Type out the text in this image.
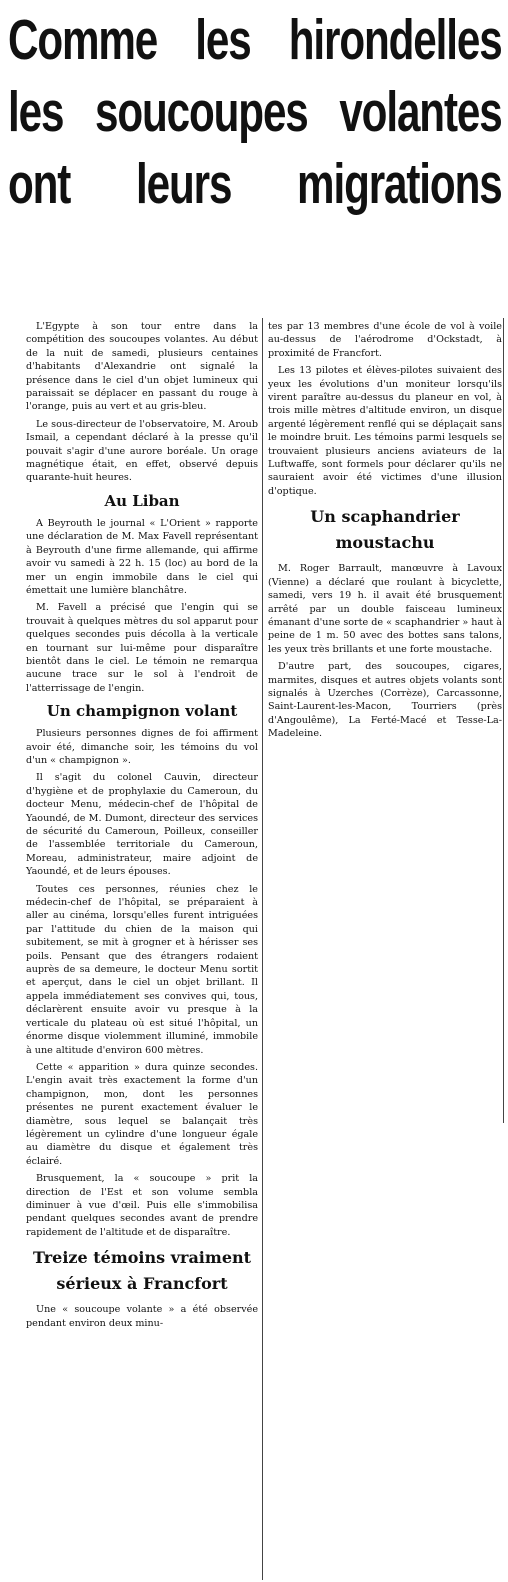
Comme les hirondelles
les soucoupes volantes
ont leurs migrations

L'Egypte à son tour entre dans la compétition des soucoupes volantes. Au début de la nuit de samedi, plusieurs centaines d'habitants d'Alexandrie ont signalé la présence dans le ciel d'un objet lumineux qui paraissait se déplacer en passant du rouge à l'orange, puis au vert et au gris-bleu.

Le sous-directeur de l'observatoire, M. Aroub Ismail, a cependant déclaré à la presse qu'il pouvait s'agir d'une aurore boréale. Un orage magnétique était, en effet, observé depuis quarante-huit heures.

Au Liban

A Beyrouth le journal « L'Orient » rapporte une déclaration de M. Max Favell représentant à Beyrouth d'une firme allemande, qui affirme avoir vu samedi à 22 h. 15 (loc) au bord de la mer un engin immobile dans le ciel qui émettait une lumière blanchâtre.

M. Favell a précisé que l'engin qui se trouvait à quelques mètres du sol apparut pour quelques secondes puis décolla à la verticale en tournant sur lui-même pour disparaître bientôt dans le ciel. Le témoin ne remarqua aucune trace sur le sol à l'endroit de l'atterrissage de l'engin.

Un champignon volant

Plusieurs personnes dignes de foi affirment avoir été, dimanche soir, les témoins du vol d'un « champignon ».

Il s'agit du colonel Cauvin, directeur d'hygiène et de prophylaxie du Cameroun, du docteur Menu, médecin-chef de l'hôpital de Yaoundé, de M. Dumont, directeur des services de sécurité du Cameroun, Poilleux, conseiller de l'assemblée territoriale du Cameroun, Moreau, administrateur, maire adjoint de Yaoundé, et de leurs épouses.

Toutes ces personnes, réunies chez le médecin-chef de l'hôpital, se préparaient à aller au cinéma, lorsqu'elles furent intriguées par l'attitude du chien de la maison qui subitement, se mit à grogner et à hérisser ses poils. Pensant que des étrangers rodaient auprès de sa demeure, le docteur Menu sortit et aperçut, dans le ciel un objet brillant. Il appela immédiatement ses convives qui, tous, déclarèrent ensuite avoir vu presque à la verticale du plateau où est situé l'hôpital, un énorme disque violemment illuminé, immobile à une altitude d'environ 600 mètres.

Cette « apparition » dura quinze secondes. L'engin avait très exactement la forme d'un champignon, mon, dont les personnes présentes ne purent exactement évaluer le diamètre, sous lequel se balançait très légèrement un cylindre d'une longueur égale au diamètre du disque et également très éclairé.

Brusquement, la « soucoupe » prit la direction de l'Est et son volume sembla diminuer à vue d'œil. Puis elle s'immobilisa pendant quelques secondes avant de prendre rapidement de l'altitude et de disparaître.

Treize témoins vraiment
sérieux à Francfort

Une « soucoupe volante » a été observée pendant environ deux minu-

tes par 13 membres d'une école de vol à voile au-dessus de l'aérodrome d'Ockstadt, à proximité de Francfort.

Les 13 pilotes et élèves-pilotes suivaient des yeux les évolutions d'un moniteur lorsqu'ils virent paraître au-dessus du planeur en vol, à trois mille mètres d'altitude environ, un disque argenté légèrement renflé qui se déplaçait sans le moindre bruit. Les témoins parmi lesquels se trouvaient plusieurs anciens aviateurs de la Luftwaffe, sont formels pour déclarer qu'ils ne sauraient avoir été victimes d'une illusion d'optique.

Un scaphandrier
moustachu

M. Roger Barrault, manœuvre à Lavoux (Vienne) a déclaré que roulant à bicyclette, samedi, vers 19 h. il avait été brusquement arrêté par un double faisceau lumineux émanant d'une sorte de « scaphandrier » haut à peine de 1 m. 50 avec des bottes sans talons, les yeux très brillants et une forte moustache.

D'autre part, des soucoupes, cigares, marmites, disques et autres objets volants sont signalés à Uzerches (Corrèze), Carcassonne, Saint-Laurent-les-Macon, Tourriers (près d'Angoulême), La Ferté-Macé et Tesse-La-Madeleine.
